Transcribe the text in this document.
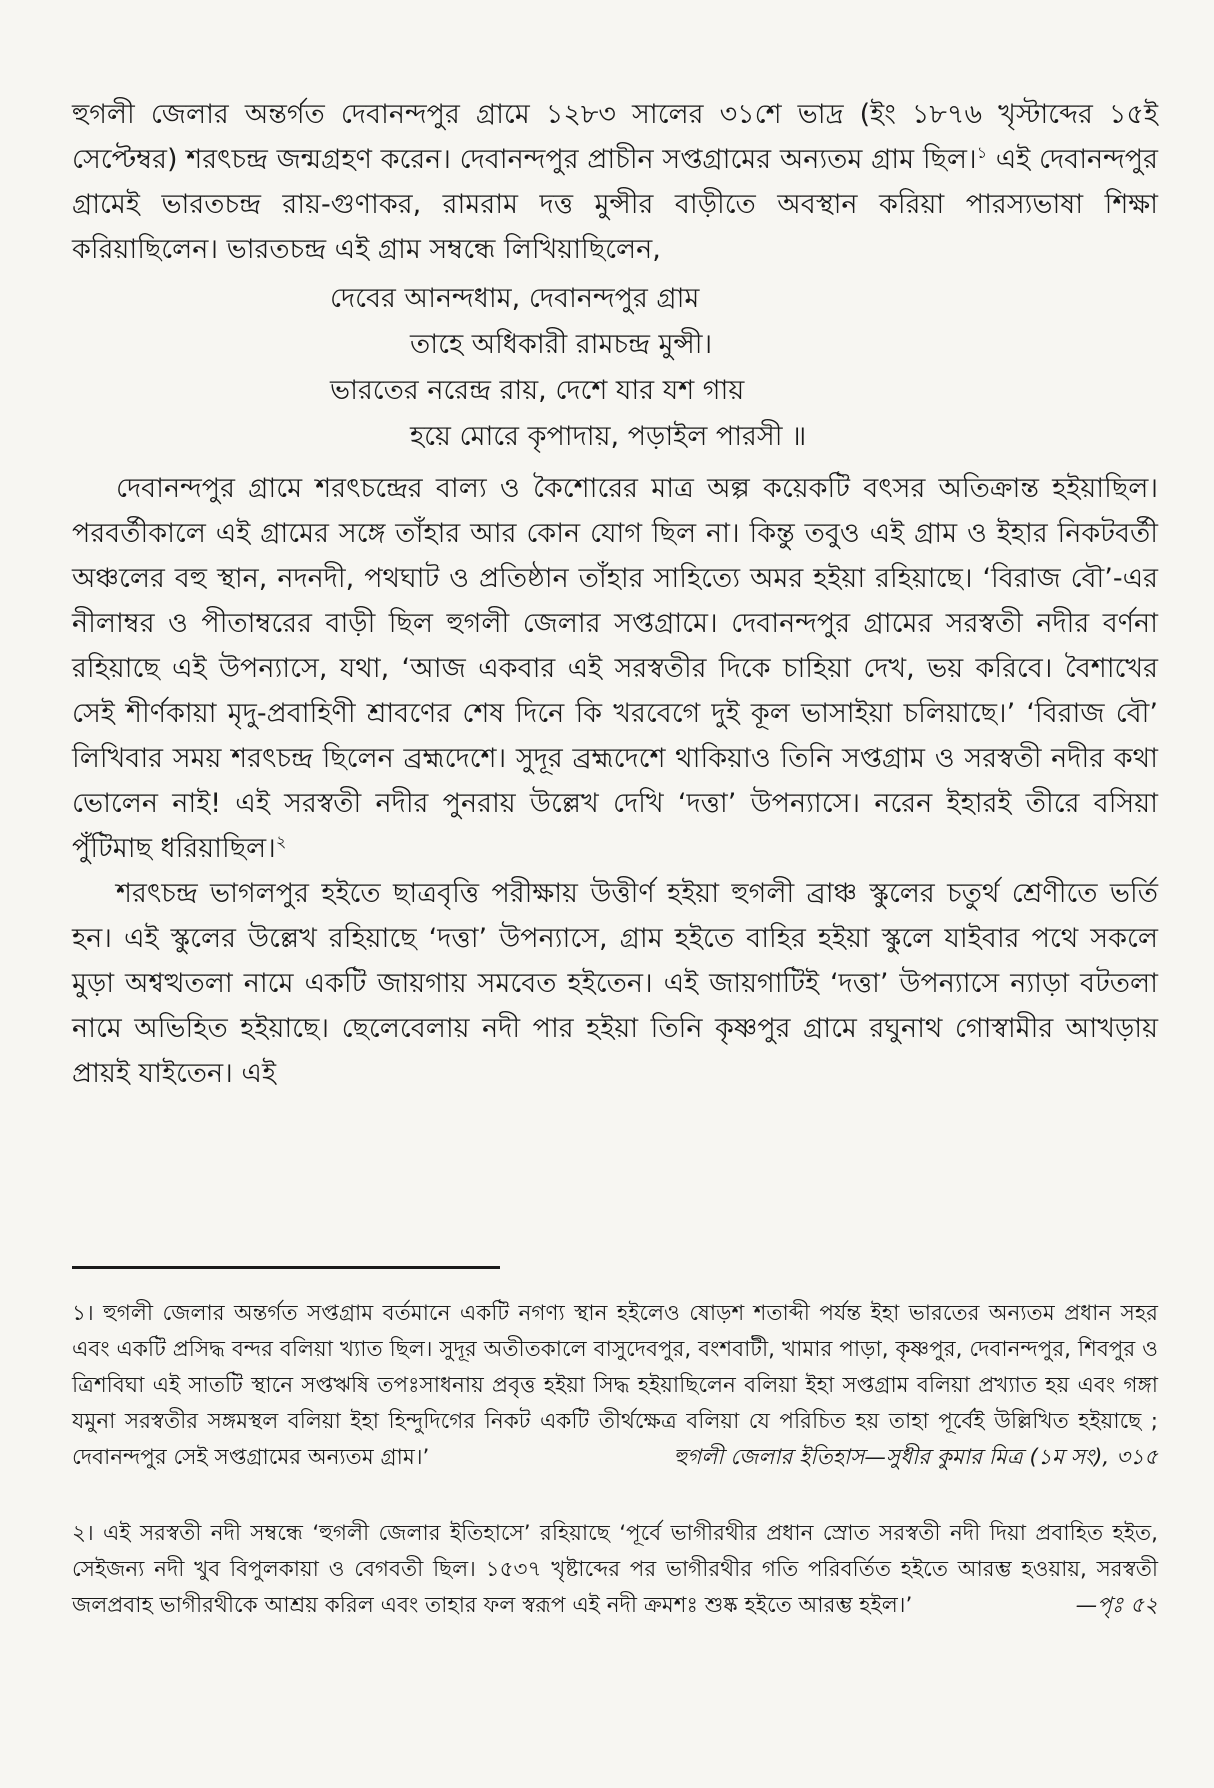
হুগলী জেলার অন্তর্গত দেবানন্দপুর গ্রামে ১২৮৩ সালের ৩১শে ভাদ্র (ইং ১৮৭৬ খৃস্টাব্দের ১৫ই সেপ্টেম্বর) শরৎচন্দ্র জন্মগ্রহণ করেন। দেবানন্দপুর প্রাচীন সপ্তগ্রামের অন্যতম গ্রাম ছিল।$^১$ এই দেবানন্দপুর গ্রামেই ভারতচন্দ্র রায়-গুণাকর, রামরাম দত্ত মুন্সীর বাড়ীতে অবস্থান করিয়া পারস্যভাষা শিক্ষা করিয়াছিলেন। ভারতচন্দ্র এই গ্রাম সম্বন্ধে লিখিয়াছিলেন,

দেবের আনন্দধাম, দেবানন্দপুর গ্রাম
তাহে অধিকারী রামচন্দ্র মুন্সী।
ভারতের নরেন্দ্র রায়, দেশে যার যশ গায়
হয়ে মোরে কৃপাদায়, পড়াইল পারসী ॥

দেবানন্দপুর গ্রামে শরৎচন্দ্রের বাল্য ও কৈশোরের মাত্র অল্প কয়েকটি বৎসর অতিক্রান্ত হইয়াছিল। পরবর্তীকালে এই গ্রামের সঙ্গে তাঁহার আর কোন যোগ ছিল না। কিন্তু তবুও এই গ্রাম ও ইহার নিকটবর্তী অঞ্চলের বহু স্থান, নদনদী, পথঘাট ও প্রতিষ্ঠান তাঁহার সাহিত্যে অমর হইয়া রহিয়াছে। ‘বিরাজ বৌ’-এর নীলাম্বর ও পীতাম্বরের বাড়ী ছিল হুগলী জেলার সপ্তগ্রামে। দেবানন্দপুর গ্রামের সরস্বতী নদীর বর্ণনা রহিয়াছে এই উপন্যাসে, যথা, ‘আজ একবার এই সরস্বতীর দিকে চাহিয়া দেখ, ভয় করিবে। বৈশাখের সেই শীর্ণকায়া মৃদু-প্রবাহিণী শ্রাবণের শেষ দিনে কি খরবেগে দুই কূল ভাসাইয়া চলিয়াছে।’ ‘বিরাজ বৌ’ লিখিবার সময় শরৎচন্দ্র ছিলেন ব্রহ্মদেশে। সুদূর ব্রহ্মদেশে থাকিয়াও তিনি সপ্তগ্রাম ও সরস্বতী নদীর কথা ভোলেন নাই! এই সরস্বতী নদীর পুনরায় উল্লেখ দেখি ‘দত্তা’ উপন্যাসে। নরেন ইহারই তীরে বসিয়া পুঁটিমাছ ধরিয়াছিল।$^২$

শরৎচন্দ্র ভাগলপুর হইতে ছাত্রবৃত্তি পরীক্ষায় উত্তীর্ণ হইয়া হুগলী ব্রাঞ্চ স্কুলের চতুর্থ শ্রেণীতে ভর্তি হন। এই স্কুলের উল্লেখ রহিয়াছে ‘দত্তা’ উপন্যাসে, গ্রাম হইতে বাহির হইয়া স্কুলে যাইবার পথে সকলে মুড়া অশ্বত্থতলা নামে একটি জায়গায় সমবেত হইতেন। এই জায়গাটিই ‘দত্তা’ উপন্যাসে ন্যাড়া বটতলা নামে অভিহিত হইয়াছে। ছেলেবেলায় নদী পার হইয়া তিনি কৃষ্ণপুর গ্রামে রঘুনাথ গোস্বামীর আখড়ায় প্রায়ই যাইতেন। এই

১। হুগলী জেলার অন্তর্গত সপ্তগ্রাম বর্তমানে একটি নগণ্য স্থান হইলেও ষোড়শ শতাব্দী পর্যন্ত ইহা ভারতের অন্যতম প্রধান সহর এবং একটি প্রসিদ্ধ বন্দর বলিয়া খ্যাত ছিল। সুদূর অতীতকালে বাসুদেবপুর, বংশবাটী, খামার পাড়া, কৃষ্ণপুর, দেবানন্দপুর, শিবপুর ও ত্রিশবিঘা এই সাতটি স্থানে সপ্তঋষি তপঃসাধনায় প্রবৃত্ত হইয়া সিদ্ধ হইয়াছিলেন বলিয়া ইহা সপ্তগ্রাম বলিয়া প্রখ্যাত হয় এবং গঙ্গা যমুনা সরস্বতীর সঙ্গমস্থল বলিয়া ইহা হিন্দুদিগের নিকট একটি তীর্থক্ষেত্র বলিয়া যে পরিচিত হয় তাহা পূর্বেই উল্লিখিত হইয়াছে ; দেবানন্দপুর সেই সপ্তগ্রামের অন্যতম গ্রাম।’	হুগলী জেলার ইতিহাস—সুধীর কুমার মিত্র (১ম সং), ৩১৫
২। এই সরস্বতী নদী সম্বন্ধে ‘হুগলী জেলার ইতিহাসে’ রহিয়াছে ‘পূর্বে ভাগীরথীর প্রধান স্রোত সরস্বতী নদী দিয়া প্রবাহিত হইত, সেইজন্য নদী খুব বিপুলকায়া ও বেগবতী ছিল। ১৫৩৭ খৃষ্টাব্দের পর ভাগীরথীর গতি পরিবর্তিত হইতে আরম্ভ হওয়ায়, সরস্বতী জলপ্রবাহ ভাগীরথীকে আশ্রয় করিল এবং তাহার ফল স্বরূপ এই নদী ক্রমশঃ শুষ্ক হইতে আরম্ভ হইল।’	—পৃঃ ৫২
